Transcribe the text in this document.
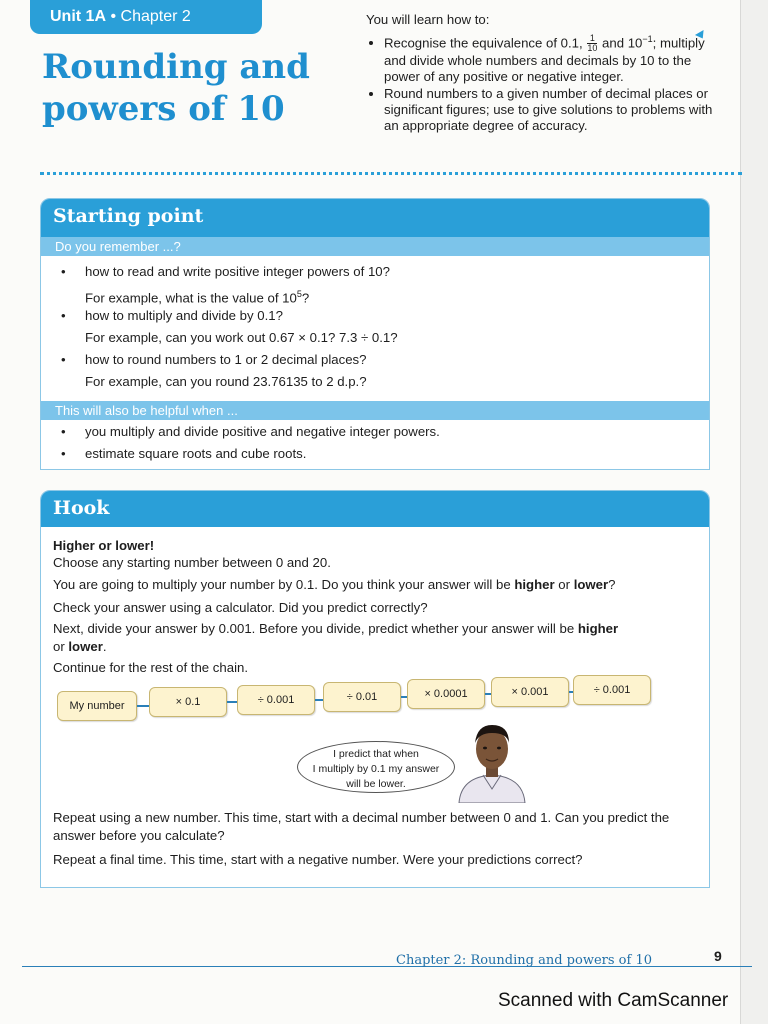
Unit 1A • Chapter 2
Rounding and
powers of 10
You will learn how to:
• Recognise the equivalence of 0.1, $\frac{1}{10}$ and $10^{-1}$; multiply and divide whole numbers and decimals by 10 to the power of any positive or negative integer.
• Round numbers to a given number of decimal places or significant figures; use to give solutions to problems with an appropriate degree of accuracy.
Starting point
Do you remember ...?
• how to read and write positive integer powers of 10?
For example, what is the value of $10^5$?
• how to multiply and divide by 0.1?
For example, can you work out 0.67 × 0.1? 7.3 ÷ 0.1?
• how to round numbers to 1 or 2 decimal places?
For example, can you round 23.76135 to 2 d.p.?
This will also be helpful when ...
• you multiply and divide positive and negative integer powers.
• estimate square roots and cube roots.
Hook
Higher or lower!
Choose any starting number between 0 and 20.
You are going to multiply your number by 0.1. Do you think your answer will be higher or lower?
Check your answer using a calculator. Did you predict correctly?
Next, divide your answer by 0.001. Before you divide, predict whether your answer will be higher
or lower.
Continue for the rest of the chain.
My number	× 0.1	÷ 0.001	÷ 0.01	× 0.0001	× 0.001	÷ 0.001
I predict that when
I multiply by 0.1 my answer
will be lower.
Repeat using a new number. This time, start with a decimal number between 0 and 1. Can you predict the answer before you calculate?
Repeat a final time. This time, start with a negative number. Were your predictions correct?
Chapter 2: Rounding and powers of 10	9
Scanned with CamScanner
